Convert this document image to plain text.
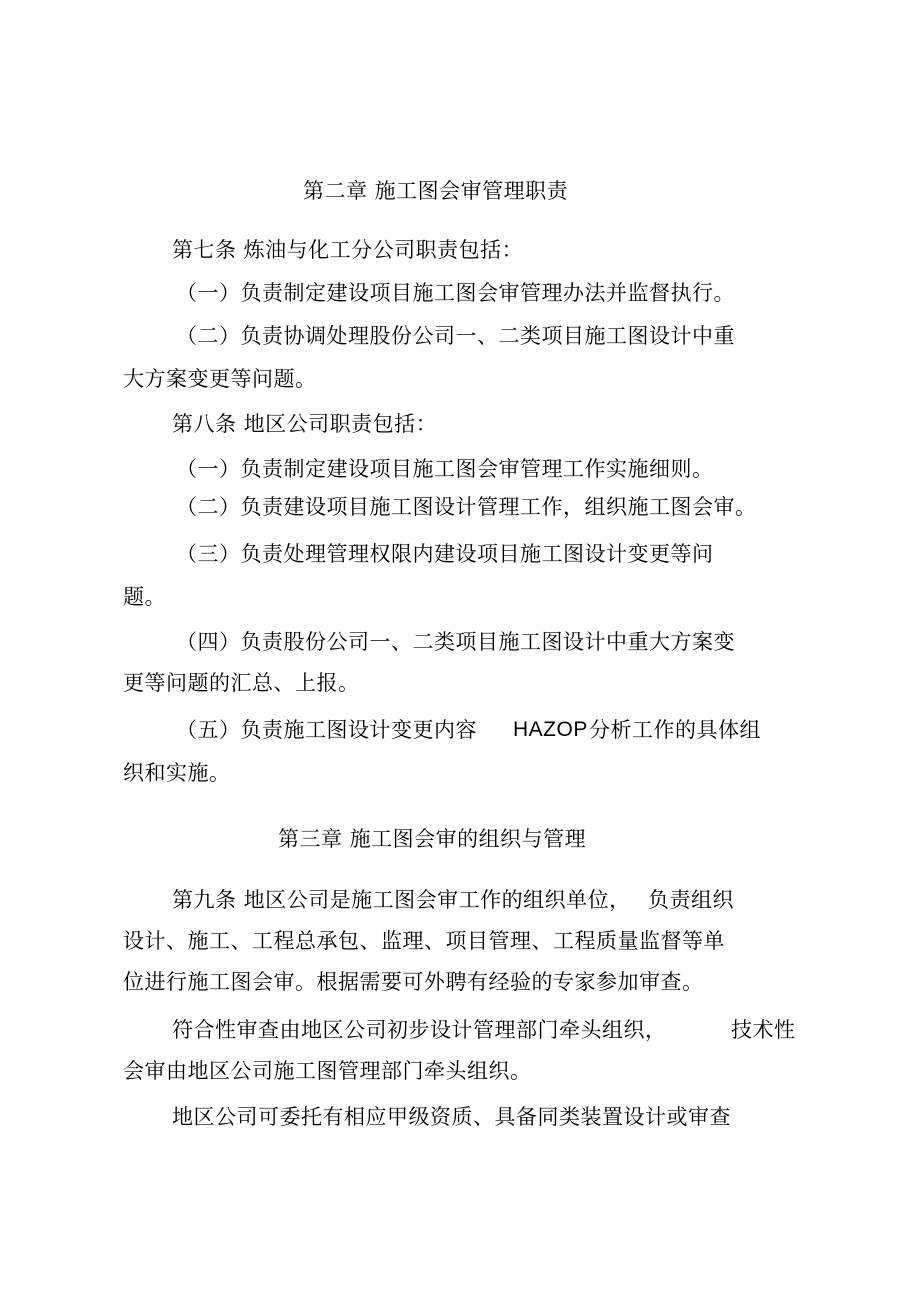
第二章 施工图会审管理职责
第七条 炼油与化工分公司职责包括：
（一）负责制定建设项目施工图会审管理办法并监督执行。
（二）负责协调处理股份公司一、二类项目施工图设计中重
大方案变更等问题。
第八条 地区公司职责包括：
（一）负责制定建设项目施工图会审管理工作实施细则。
（二）负责建设项目施工图设计管理工作，组织施工图会审。
（三）负责处理管理权限内建设项目施工图设计变更等问
题。
（四）负责股份公司一、二类项目施工图设计中重大方案变
更等问题的汇总、上报。
（五）负责施工图设计变更内容 HAZOP 分析工作的具体组
织和实施。
第三章 施工图会审的组织与管理
第九条 地区公司是施工图会审工作的组织单位， 负责组织
设计、施工、工程总承包、监理、项目管理、工程质量监督等单
位进行施工图会审。根据需要可外聘有经验的专家参加审查。
符合性审查由地区公司初步设计管理部门牵头组织，	技术性
会审由地区公司施工图管理部门牵头组织。
地区公司可委托有相应甲级资质、具备同类装置设计或审查
